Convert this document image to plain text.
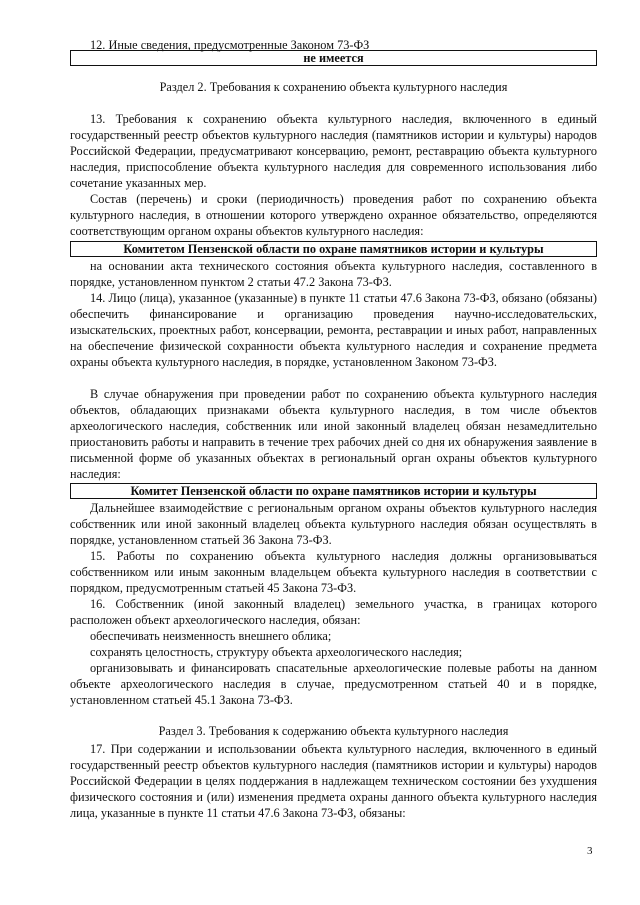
12. Иные сведения, предусмотренные Законом 73-ФЗ

не имеется
Раздел 2. Требования к сохранению объекта культурного наследия

13. Требования к сохранению объекта культурного наследия, включенного в единый государственный реестр объектов культурного наследия (памятников истории и культуры) народов Российской Федерации, предусматривают консервацию, ремонт, реставрацию объекта культурного наследия, приспособление объекта культурного наследия для современного использования либо сочетание указанных мер.

Состав (перечень) и сроки (периодичность) проведения работ по сохранению объекта культурного наследия, в отношении которого утверждено охранное обязательство, определяются соответствующим органом охраны объектов культурного наследия:

Комитетом Пензенской области по охране памятников истории и культуры

на основании акта технического состояния объекта культурного наследия, составленного в порядке, установленном пунктом 2 статьи 47.2 Закона 73-ФЗ.

14. Лицо (лица), указанное (указанные) в пункте 11 статьи 47.6 Закона 73-ФЗ, обязано (обязаны) обеспечить финансирование и организацию проведения научно-исследовательских, изыскательских, проектных работ, консервации, ремонта, реставрации и иных работ, направленных на обеспечение физической сохранности объекта культурного наследия и сохранение предмета охраны объекта культурного наследия, в порядке, установленном Законом 73-ФЗ.

В случае обнаружения при проведении работ по сохранению объекта культурного наследия объектов, обладающих признаками объекта культурного наследия, в том числе объектов археологического наследия, собственник или иной законный владелец обязан незамедлительно приостановить работы и направить в течение трех рабочих дней со дня их обнаружения заявление в письменной форме об указанных объектах в региональный орган охраны объектов культурного наследия:

Комитет Пензенской области по охране памятников истории и культуры

Дальнейшее взаимодействие с региональным органом охраны объектов культурного наследия собственник или иной законный владелец объекта культурного наследия обязан осуществлять в порядке, установленном статьей 36 Закона 73-ФЗ.

15. Работы по сохранению объекта культурного наследия должны организовываться собственником или иным законным владельцем объекта культурного наследия в соответствии с порядком, предусмотренным статьей 45 Закона 73-ФЗ.

16. Собственник (иной законный владелец) земельного участка, в границах которого расположен объект археологического наследия, обязан:

обеспечивать неизменность внешнего облика;

сохранять целостность, структуру объекта археологического наследия;

организовывать и финансировать спасательные археологические полевые работы на данном объекте археологического наследия в случае, предусмотренном статьей 40 и в порядке, установленном статьей 45.1 Закона 73-ФЗ.

Раздел 3. Требования к содержанию объекта культурного наследия

17. При содержании и использовании объекта культурного наследия, включенного в единый государственный реестр объектов культурного наследия (памятников истории и культуры) народов Российской Федерации в целях поддержания в надлежащем техническом состоянии без ухудшения физического состояния и (или) изменения предмета охраны данного объекта культурного наследия лица, указанные в пункте 11 статьи 47.6 Закона 73-ФЗ, обязаны:

3
